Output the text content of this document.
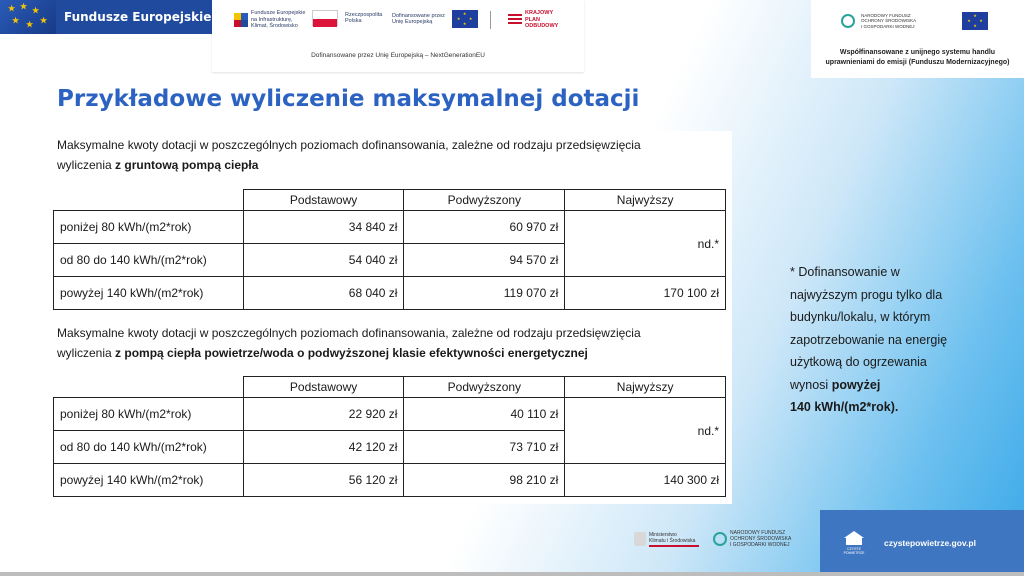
★ ★ ★
★ ★ ★ Fundusze Europejskie	Fundusze Europejskie
na Infrastrukturę,
Klimat, Środowisko
Rzeczpospolita
Polska
Dofinansowane przez
Unię Europejską
★
★ ★
★
KRAJOWY
PLAN
ODBUDOWY
Dofinansowane przez Unię Europejską – NextGenerationEU
NARODOWY FUNDUSZ
OCHRONY ŚRODOWISKA
I GOSPODARKI WODNEJ
★
★ ★
★
Współfinansowane z unijnego systemu handlu
uprawnieniami do emisji (Funduszu Modernizacyjnego)
Przykładowe wyliczenie maksymalnej dotacji
Maksymalne kwoty dotacji w poszczególnych poziomach dofinansowania, zależne od rodzaju przedsięwzięcia
wyliczenia z gruntową pompą ciepła
	Podstawowy	Podwyższony	Najwyższy
poniżej 80 kWh/(m2*rok)	34 840 zł	60 970 zł	nd.*
od 80 do 140 kWh/(m2*rok)	54 040 zł	94 570 zł	
powyżej 140 kWh/(m2*rok)	68 040 zł	119 070 zł	170 100 zł
Maksymalne kwoty dotacji w poszczególnych poziomach dofinansowania, zależne od rodzaju przedsięwzięcia
wyliczenia z pompą ciepła powietrze/woda o podwyższonej klasie efektywności energetycznej
	Podstawowy	Podwyższony	Najwyższy
poniżej 80 kWh/(m2*rok)	22 920 zł	40 110 zł	nd.*
od 80 do 140 kWh/(m2*rok)	42 120 zł	73 710 zł	
powyżej 140 kWh/(m2*rok)	56 120 zł	98 210 zł	140 300 zł
* Dofinansowanie w
najwyższym progu tylko dla
budynku/lokalu, w którym
zapotrzebowanie na energię
użytkową do ogrzewania
wynosi powyżej
140 kWh/(m2*rok).
Ministerstwo
Klimatu i Środowiska
NARODOWY FUNDUSZ
OCHRONY ŚRODOWISKA
I GOSPODARKI WODNEJ
CZYSTE
POWIETRZE
czystepowietrze.gov.pl
